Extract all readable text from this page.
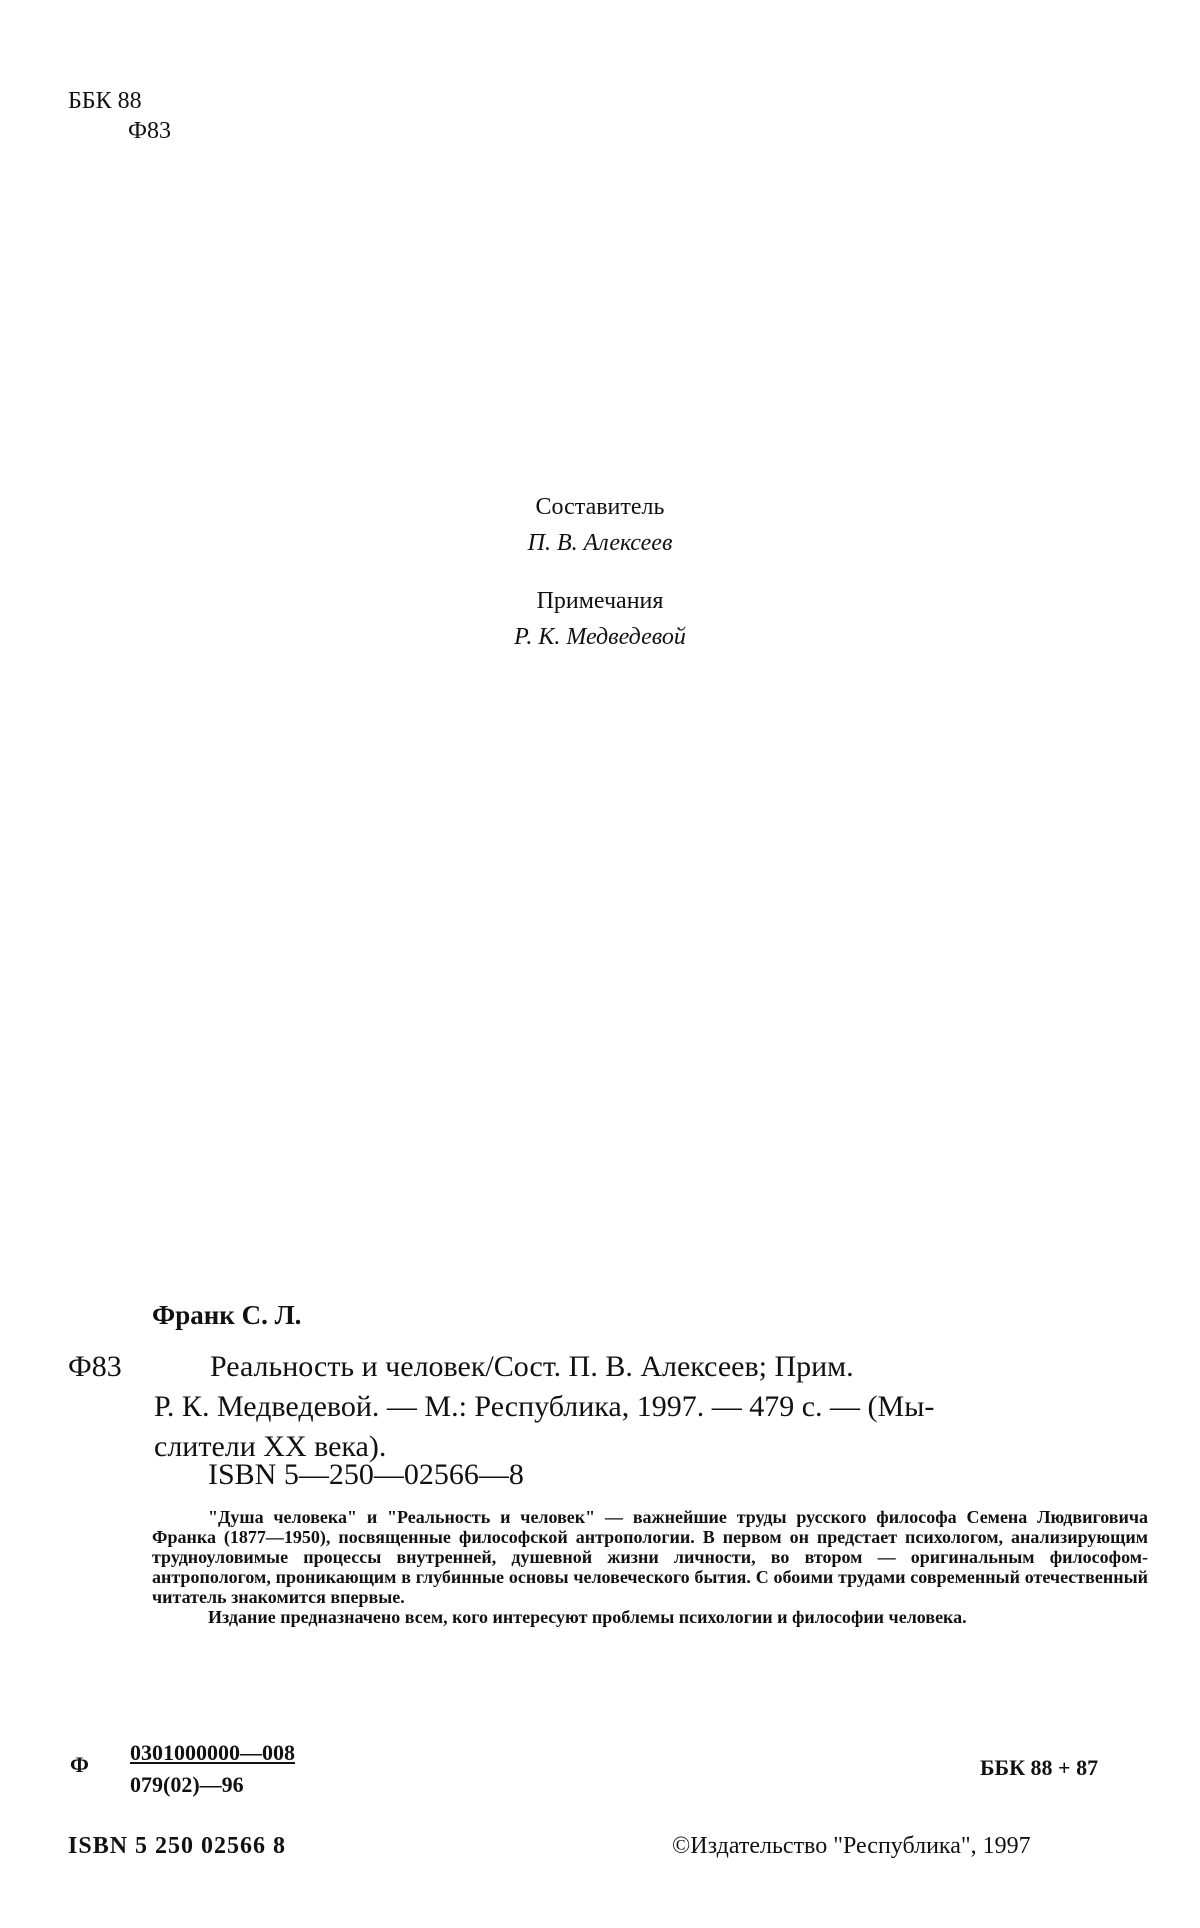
ББК 88
Ф83
Составитель
П. В. Алексеев
Примечания
Р. К. Медведевой
Франк С. Л.
Ф83	Реальность и человек/Сост. П. В. Алексеев; Прим.
Р. К. Медведевой. — М.: Республика, 1997. — 479 с. — (Мы-
слители XX века).
ISBN 5—250—02566—8

"Душа человека" и "Реальность и человек" — важнейшие труды русского философа Семена Людвиговича Франка (1877—1950), посвященные философской антропологии. В первом он предстает психологом, анализирующим трудноуловимые процессы внутренней, душевной жизни личности, во втором — оригинальным философом-антропологом, проникающим в глубинные основы человеческого бытия. С обоими трудами современный отечественный читатель знакомится впервые.

Издание предназначено всем, кого интересуют проблемы психологии и философии человека.

Ф 0301000000—008
079(02)—96
ББК 88 + 87
ISBN 5 250 02566 8	©Издательство "Республика", 1997
